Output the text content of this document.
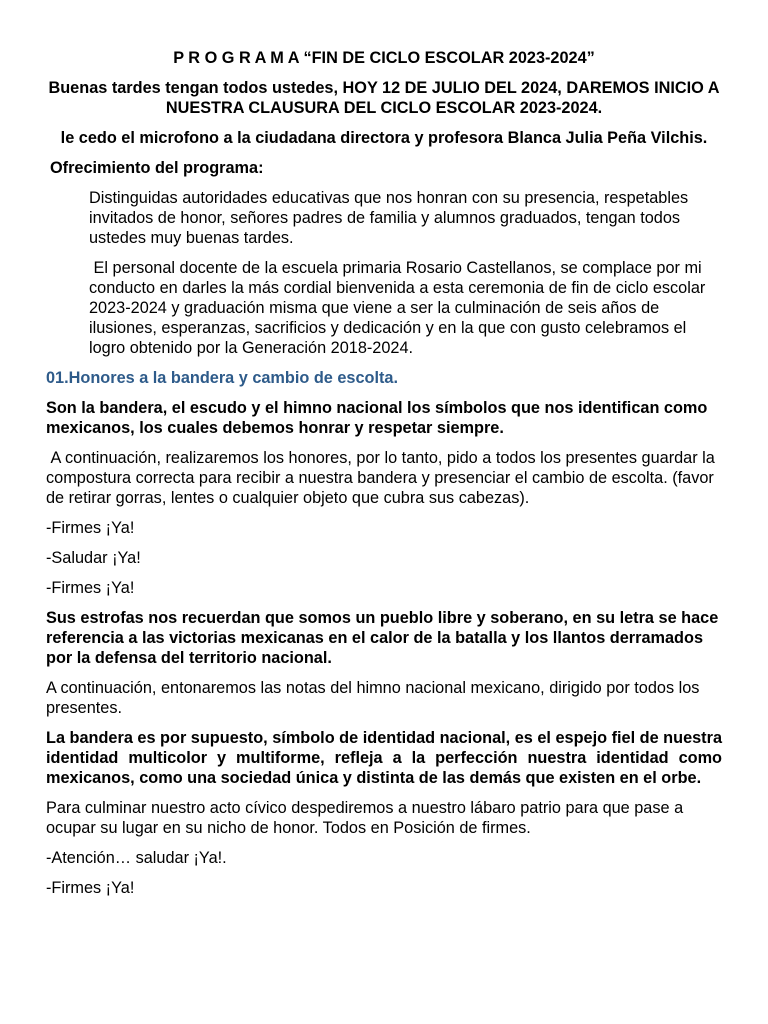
P R O G R A M A “FIN DE CICLO ESCOLAR 2023-2024”

Buenas tardes tengan todos ustedes, HOY 12 DE JULIO DEL 2024, DAREMOS INICIO A NUESTRA CLAUSURA DEL CICLO ESCOLAR 2023-2024.

le cedo el microfono a la ciudadana directora y profesora Blanca Julia Peña Vilchis.

Ofrecimiento del programa:

Distinguidas autoridades educativas que nos honran con su presencia, respetables invitados de honor, señores padres de familia y alumnos graduados, tengan todos ustedes muy buenas tardes.

El personal docente de la escuela primaria Rosario Castellanos, se complace por mi conducto en darles la más cordial bienvenida a esta ceremonia de fin de ciclo escolar 2023-2024 y graduación misma que viene a ser la culminación de seis años de ilusiones, esperanzas, sacrificios y dedicación y en la que con gusto celebramos el logro obtenido por la Generación 2018-2024.

01.Honores a la bandera y cambio de escolta.

Son la bandera, el escudo y el himno nacional los símbolos que nos identifican como mexicanos, los cuales debemos honrar y respetar siempre.

A continuación, realizaremos los honores, por lo tanto, pido a todos los presentes guardar la compostura correcta para recibir a nuestra bandera y presenciar el cambio de escolta. (favor de retirar gorras, lentes o cualquier objeto que cubra sus cabezas).

-Firmes ¡Ya!

-Saludar ¡Ya!

-Firmes ¡Ya!

Sus estrofas nos recuerdan que somos un pueblo libre y soberano, en su letra se hace referencia a las victorias mexicanas en el calor de la batalla y los llantos derramados por la defensa del territorio nacional.

A continuación, entonaremos las notas del himno nacional mexicano, dirigido por todos los presentes.

La bandera es por supuesto, símbolo de identidad nacional, es el espejo fiel de nuestra identidad multicolor y multiforme, refleja a la perfección nuestra identidad como mexicanos, como una sociedad única y distinta de las demás que existen en el orbe.

Para culminar nuestro acto cívico despediremos a nuestro lábaro patrio para que pase a ocupar su lugar en su nicho de honor. Todos en Posición de firmes.

-Atención… saludar ¡Ya!.

-Firmes ¡Ya!
